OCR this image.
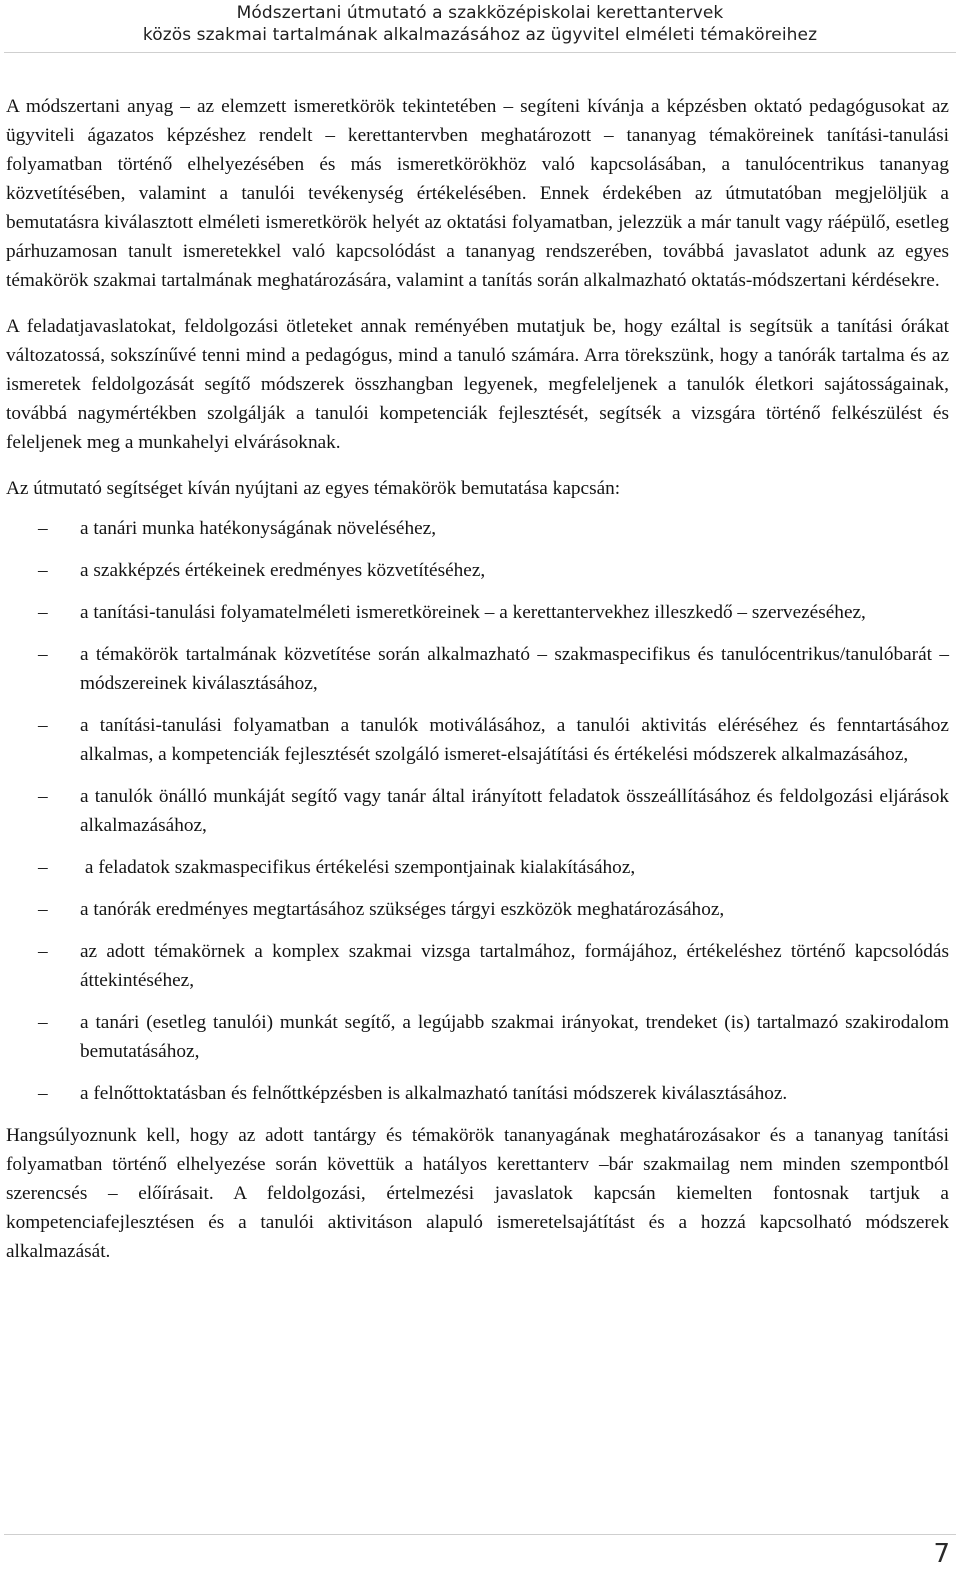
Módszertani útmutató a szakközépiskolai kerettantervek
közös szakmai tartalmának alkalmazásához az ügyvitel elméleti témaköreihez

A módszertani anyag – az elemzett ismeretkörök tekintetében – segíteni kívánja a képzésben oktató pedagógusokat az ügyviteli ágazatos képzéshez rendelt – kerettantervben meghatározott – tananyag témaköreinek tanítási-tanulási folyamatban történő elhelyezésében és más ismeretkörökhöz való kapcsolásában, a tanulócentrikus tananyag közvetítésében, valamint a tanulói tevékenység értékelésében. Ennek érdekében az útmutatóban megjelöljük a bemutatásra kiválasztott elméleti ismeretkörök helyét az oktatási folyamatban, jelezzük a már tanult vagy ráépülő, esetleg párhuzamosan tanult ismeretekkel való kapcsolódást a tananyag rendszerében, továbbá javaslatot adunk az egyes témakörök szakmai tartalmának meghatározására, valamint a tanítás során alkalmazható oktatás-módszertani kérdésekre.

A feladatjavaslatokat, feldolgozási ötleteket annak reményében mutatjuk be, hogy ezáltal is segítsük a tanítási órákat változatossá, sokszínűvé tenni mind a pedagógus, mind a tanuló számára. Arra törekszünk, hogy a tanórák tartalma és az ismeretek feldolgozását segítő módszerek összhangban legyenek, megfeleljenek a tanulók életkori sajátosságainak, továbbá nagymértékben szolgálják a tanulói kompetenciák fejlesztését, segítsék a vizsgára történő felkészülést és feleljenek meg a munkahelyi elvárásoknak.

Az útmutató segítséget kíván nyújtani az egyes témakörök bemutatása kapcsán:

– a tanári munka hatékonyságának növeléséhez,
– a szakképzés értékeinek eredményes közvetítéséhez,
– a tanítási-tanulási folyamatelméleti ismeretköreinek – a kerettantervekhez illeszkedő – szervezéséhez,
– a témakörök tartalmának közvetítése során alkalmazható – szakmaspecifikus és tanulócentrikus/tanulóbarát – módszereinek kiválasztásához,
– a tanítási-tanulási folyamatban a tanulók motiválásához, a tanulói aktivitás eléréséhez és fenntartásához alkalmas, a kompetenciák fejlesztését szolgáló ismeret-elsajátítási és értékelési módszerek alkalmazásához,
– a tanulók önálló munkáját segítő vagy tanár által irányított feladatok összeállításához és feldolgozási eljárások alkalmazásához,
– a feladatok szakmaspecifikus értékelési szempontjainak kialakításához,
– a tanórák eredményes megtartásához szükséges tárgyi eszközök meghatározásához,
– az adott témakörnek a komplex szakmai vizsga tartalmához, formájához, értékeléshez történő kapcsolódás áttekintéséhez,
– a tanári (esetleg tanulói) munkát segítő, a legújabb szakmai irányokat, trendeket (is) tartalmazó szakirodalom bemutatásához,
– a felnőttoktatásban és felnőttképzésben is alkalmazható tanítási módszerek kiválasztásához.

Hangsúlyoznunk kell, hogy az adott tantárgy és témakörök tananyagának meghatározásakor és a tananyag tanítási folyamatban történő elhelyezése során követtük a hatályos kerettanterv –bár szakmailag nem minden szempontból szerencsés – előírásait. A feldolgozási, értelmezési javaslatok kapcsán kiemelten fontosnak tartjuk a kompetenciafejlesztésen és a tanulói aktivitáson alapuló ismeretelsajátítást és a hozzá kapcsolható módszerek alkalmazását.

7
